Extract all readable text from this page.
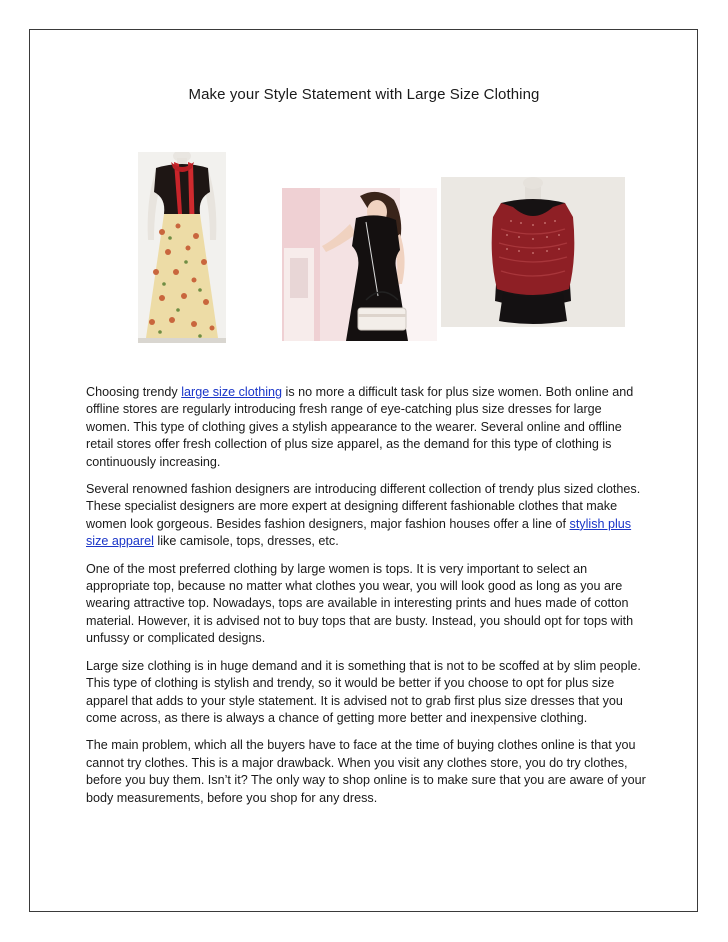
Make your Style Statement with Large Size Clothing

Choosing trendy large size clothing is no more a difficult task for plus size women. Both online and offline stores are regularly introducing fresh range of eye-catching plus size dresses for large women. This type of clothing gives a stylish appearance to the wearer. Several online and offline retail stores offer fresh collection of plus size apparel, as the demand for this type of clothing is continuously increasing.

Several renowned fashion designers are introducing different collection of trendy plus sized clothes. These specialist designers are more expert at designing different fashionable clothes that make women look gorgeous. Besides fashion designers, major fashion houses offer a line of stylish plus size apparel like camisole, tops, dresses, etc.

One of the most preferred clothing by large women is tops. It is very important to select an appropriate top, because no matter what clothes you wear, you will look good as long as you are wearing attractive top. Nowadays, tops are available in interesting prints and hues made of cotton material. However, it is advised not to buy tops that are busty. Instead, you should opt for tops with unfussy or complicated designs.

Large size clothing is in huge demand and it is something that is not to be scoffed at by slim people. This type of clothing is stylish and trendy, so it would be better if you choose to opt for plus size apparel that adds to your style statement. It is advised not to grab first plus size dresses that you come across, as there is always a chance of getting more better and inexpensive clothing.

The main problem, which all the buyers have to face at the time of buying clothes online is that you cannot try clothes. This is a major drawback. When you visit any clothes store, you do try clothes, before you buy them. Isn’t it? The only way to shop online is to make sure that you are aware of your body measurements, before you shop for any dress.
